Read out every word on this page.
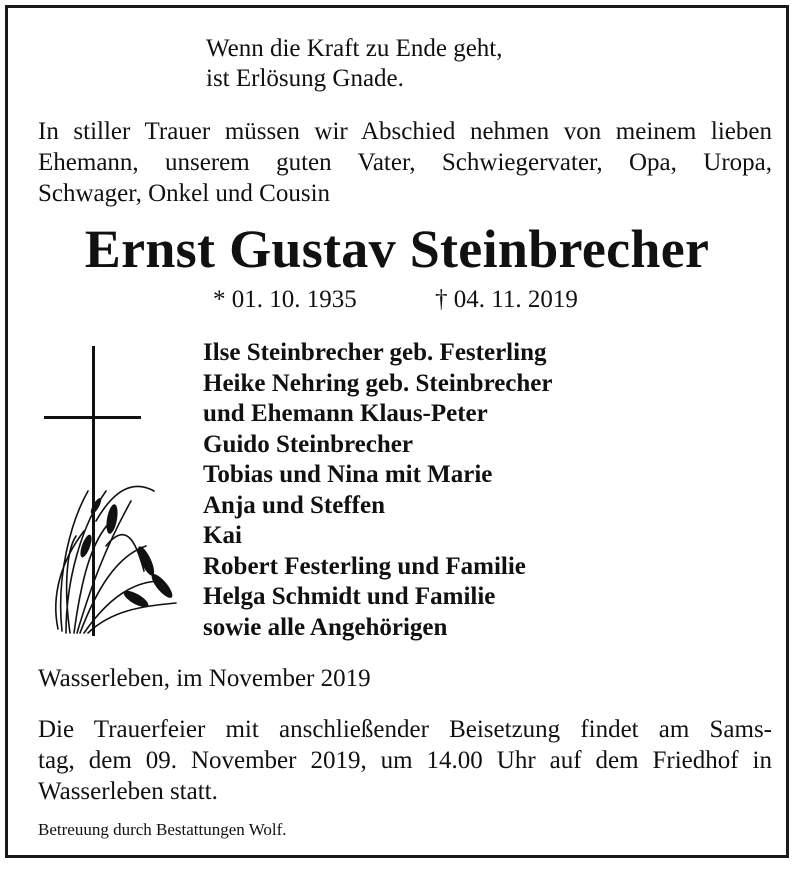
Wenn die Kraft zu Ende geht,
ist Erlösung Gnade.
In stiller Trauer müssen wir Abschied nehmen von meinem lieben
Ehemann, unserem guten Vater, Schwiegervater, Opa, Uropa,
Schwager, Onkel und Cousin
Ernst Gustav Steinbrecher
* 01. 10. 1935	† 04. 11. 2019
Ilse Steinbrecher geb. Festerling
Heike Nehring geb. Steinbrecher
und Ehemann Klaus-Peter
Guido Steinbrecher
Tobias und Nina mit Marie
Anja und Steffen
Kai
Robert Festerling und Familie
Helga Schmidt und Familie
sowie alle Angehörigen
Wasserleben, im November 2019
Die Trauerfeier mit anschließender Beisetzung findet am Sams-
tag, dem 09. November 2019, um 14.00 Uhr auf dem Friedhof in
Wasserleben statt.
Betreuung durch Bestattungen Wolf.
